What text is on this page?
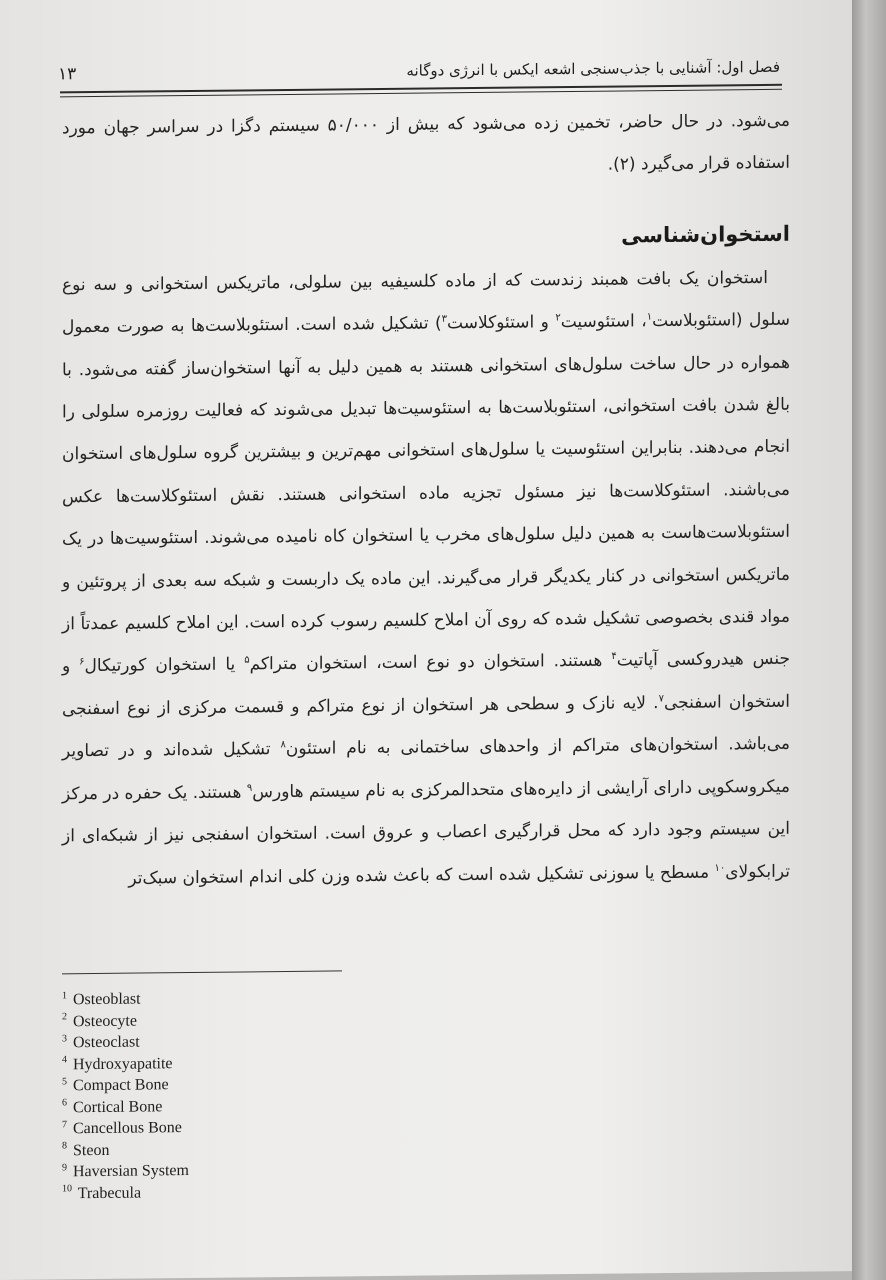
۱۳	فصل اول: آشنایی با جذب‌سنجی اشعه ایکس با انرژی دوگانه

می‌شود. در حال حاضر، تخمین زده می‌شود که بیش از ۵۰/۰۰۰ سیستم دگزا در سراسر جهان مورد استفاده قرار می‌گیرد (۲).

استخوان‌شناسی

استخوان یک بافت همبند زندست که از ماده کلسیفیه بین سلولی، ماتریکس استخوانی و سه نوع سلول (استئوبلاست$^۱$، استئوسیت$^۲$ و استئوکلاست$^۳$) تشکیل شده است. استئوبلاست‌ها به صورت معمول همواره در حال ساخت سلول‌های استخوانی هستند به همین دلیل به آنها استخوان‌ساز گفته می‌شود. با بالغ شدن بافت استخوانی، استئوبلاست‌ها به استئوسیت‌ها تبدیل می‌شوند که فعالیت روزمره سلولی را انجام می‌دهند. بنابراین استئوسیت یا سلول‌های استخوانی مهم‌ترین و بیشترین گروه سلول‌های استخوان می‌باشند. استئوکلاست‌ها نیز مسئول تجزیه ماده استخوانی هستند. نقش استئوکلاست‌ها عکس استئوبلاست‌هاست به همین دلیل سلول‌های مخرب یا استخوان کاه نامیده می‌شوند. استئوسیت‌ها در یک ماتریکس استخوانی در کنار یکدیگر قرار می‌گیرند. این ماده یک داربست و شبکه سه بعدی از پروتئین و مواد قندی بخصوصی تشکیل شده که روی آن املاح کلسیم رسوب کرده است. این املاح کلسیم عمدتاً از جنس هیدروکسی آپاتیت$^۴$ هستند. استخوان دو نوع است، استخوان متراکم$^۵$ یا استخوان کورتیکال$^۶$ و استخوان اسفنجی$^۷$. لایه نازک و سطحی هر استخوان از نوع متراکم و قسمت مرکزی از نوع اسفنجی می‌باشد. استخوان‌های متراکم از واحدهای ساختمانی به نام استئون$^۸$ تشکیل شده‌اند و در تصاویر میکروسکوپی دارای آرایشی از دایره‌های متحدالمرکزی به نام سیستم هاورس$^۹$ هستند. یک حفره در مرکز این سیستم وجود دارد که محل قرارگیری اعصاب و عروق است. استخوان اسفنجی نیز از شبکه‌ای از ترابکولای$^{۱۰}$ مسطح یا سوزنی تشکیل شده است که باعث شده وزن کلی اندام استخوان سبک‌تر

$^1$ Osteoblast
$^2$ Osteocyte
$^3$ Osteoclast
$^4$ Hydroxyapatite
$^5$ Compact Bone
$^6$ Cortical Bone
$^7$ Cancellous Bone
$^8$ Steon
$^9$ Haversian System
$^{10}$ Trabecula
